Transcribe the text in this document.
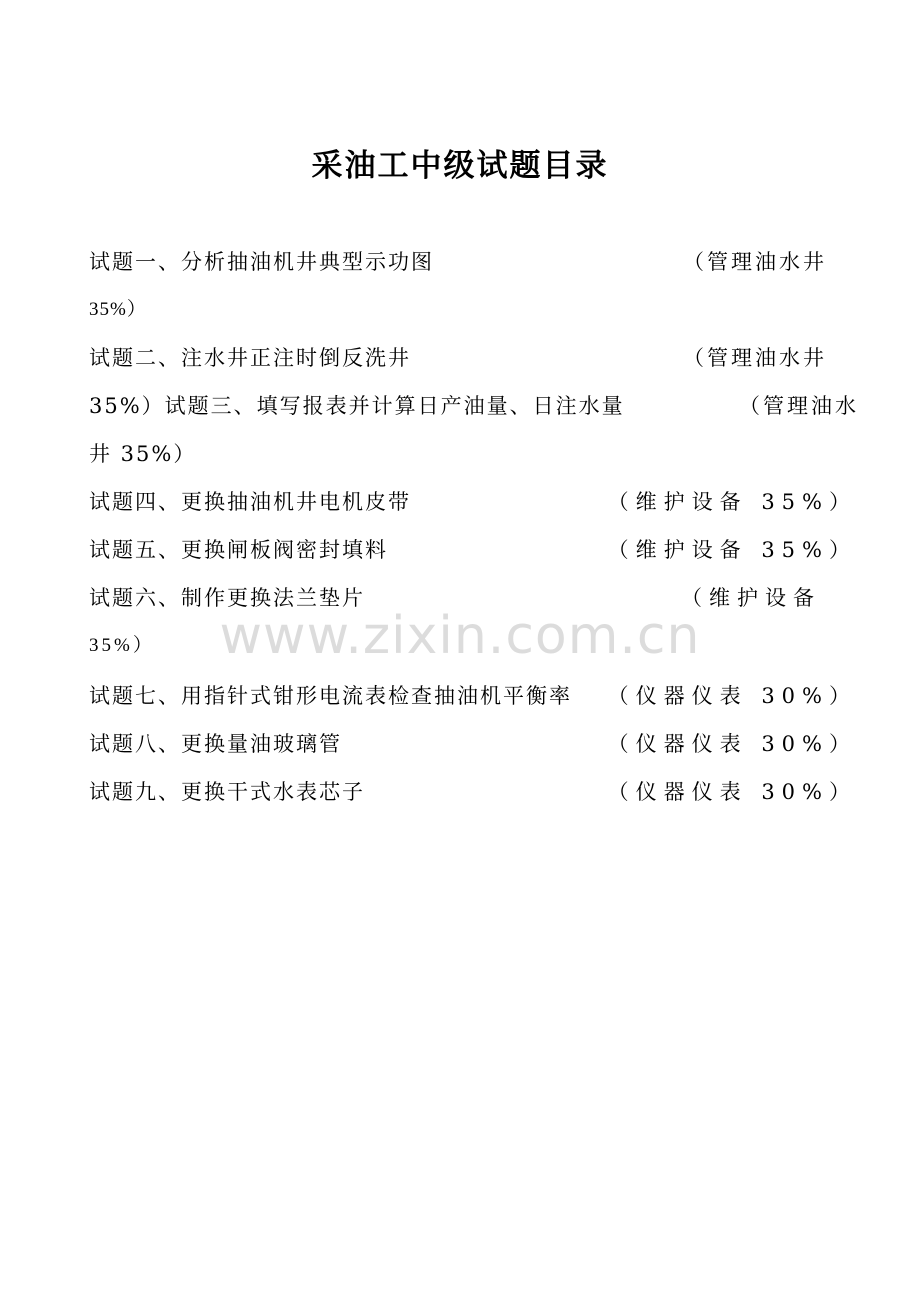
www.zixin.com.cn
采油工中级试题目录
试题一、分析抽油机井典型示功图	（管理油水井
35%）
试题二、注水井正注时倒反洗井	（管理油水井
35%）试题三、填写报表并计算日产油量、日注水量	（管理油水
井 35%）
试题四、更换抽油机井电机皮带	（维护设备 35%）
试题五、更换闸板阀密封填料	（维护设备 35%）
试题六、制作更换法兰垫片	（维护设备
35%）
试题七、用指针式钳形电流表检查抽油机平衡率 （仪器仪表 30%）
试题八、更换量油玻璃管	（仪器仪表 30%）
试题九、更换干式水表芯子	（仪器仪表 30%）
